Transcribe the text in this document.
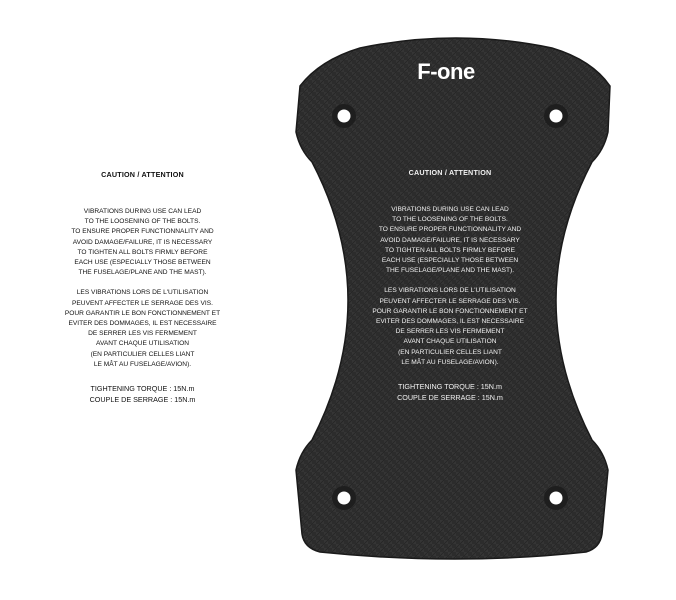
F-one
CAUTION / ATTENTION
VIBRATIONS DURING USE CAN LEAD
TO THE LOOSENING OF THE BOLTS.
TO ENSURE PROPER FUNCTIONNALITY AND
AVOID DAMAGE/FAILURE, IT IS NECESSARY
TO TIGHTEN ALL BOLTS FIRMLY BEFORE
EACH USE (ESPECIALLY THOSE BETWEEN
THE FUSELAGE/PLANE AND THE MAST).
LES VIBRATIONS LORS DE L'UTILISATION
PEUVENT AFFECTER LE SERRAGE DES VIS.
POUR GARANTIR LE BON FONCTIONNEMENT ET
EVITER DES DOMMAGES, IL EST NECESSAIRE
DE SERRER LES VIS FERMEMENT
AVANT CHAQUE UTILISATION
(EN PARTICULIER CELLES LIANT
LE MÂT AU FUSELAGE/AVION).
TIGHTENING TORQUE : 15N.m
COUPLE DE SERRAGE : 15N.m
CAUTION / ATTENTION
VIBRATIONS DURING USE CAN LEAD
TO THE LOOSENING OF THE BOLTS.
TO ENSURE PROPER FUNCTIONNALITY AND
AVOID DAMAGE/FAILURE, IT IS NECESSARY
TO TIGHTEN ALL BOLTS FIRMLY BEFORE
EACH USE (ESPECIALLY THOSE BETWEEN
THE FUSELAGE/PLANE AND THE MAST).
LES VIBRATIONS LORS DE L'UTILISATION
PEUVENT AFFECTER LE SERRAGE DES VIS.
POUR GARANTIR LE BON FONCTIONNEMENT ET
EVITER DES DOMMAGES, IL EST NECESSAIRE
DE SERRER LES VIS FERMEMENT
AVANT CHAQUE UTILISATION
(EN PARTICULIER CELLES LIANT
LE MÂT AU FUSELAGE/AVION).
TIGHTENING TORQUE : 15N.m
COUPLE DE SERRAGE : 15N.m
